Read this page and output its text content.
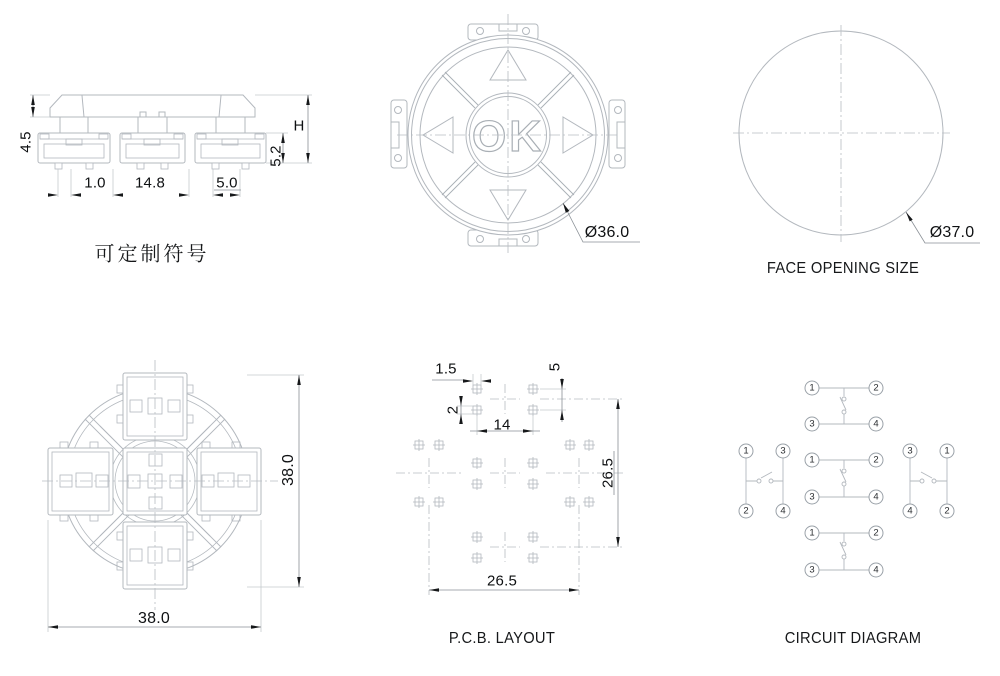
4.5
H
5.2
1.0 14.8	5.0
可定制符号
OK
Ø36.0	Ø37.0
FACE OPENING SIZE
38.0
38.0
1.5
2
14
5
26.5
26.5
P.C.B. LAYOUT
1	2
3	4
1	2
3	4
1	2
3	4
1	3
2	4
3	1
4	2
CIRCUIT DIAGRAM
